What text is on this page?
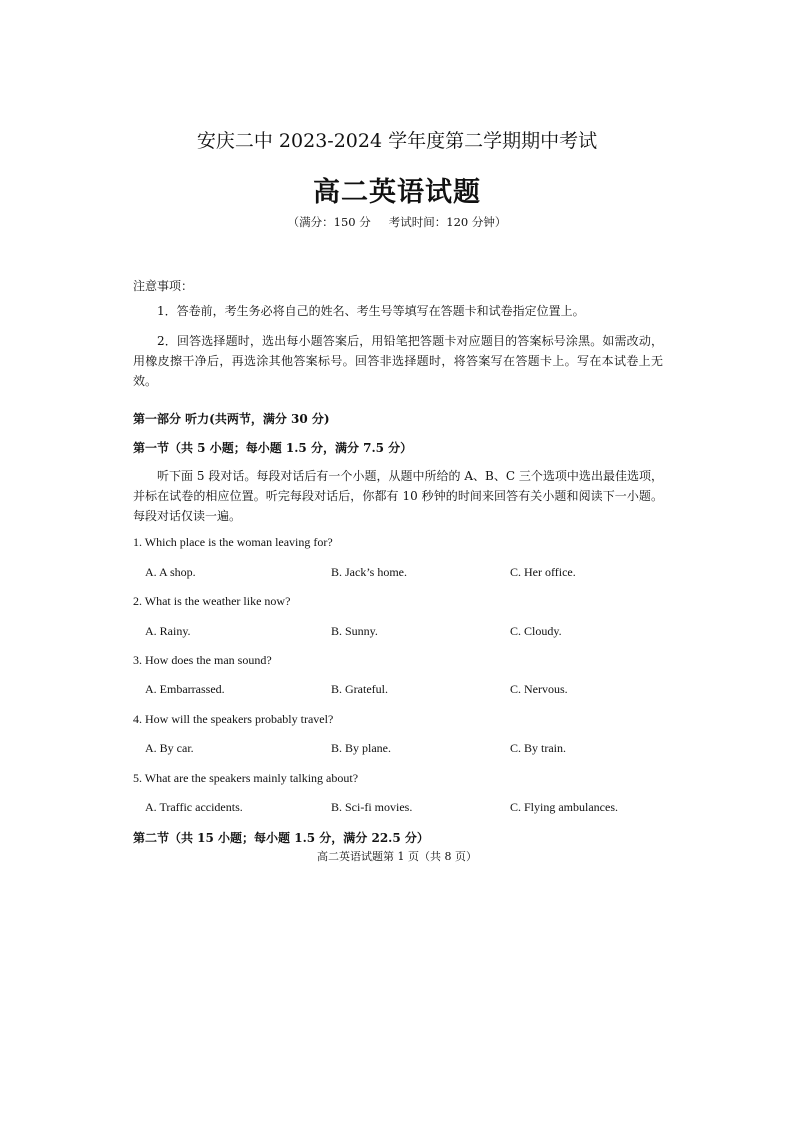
安庆二中 2023-2024 学年度第二学期期中考试
高二英语试题
（满分：150 分 考试时间：120 分钟）
注意事项：
1．答卷前，考生务必将自己的姓名、考生号等填写在答题卡和试卷指定位置上。
2．回答选择题时，选出每小题答案后，用铅笔把答题卡对应题目的答案标号涂黑。如需改动，用橡皮擦干净后，再选涂其他答案标号。回答非选择题时，将答案写在答题卡上。写在本试卷上无效。
第一部分 听力(共两节，满分 30 分)
第一节（共 5 小题；每小题 1.5 分，满分 7.5 分）
听下面 5 段对话。每段对话后有一个小题，从题中所给的 A、B、C 三个选项中选出最佳选项，并标在试卷的相应位置。听完每段对话后，你都有 10 秒钟的时间来回答有关小题和阅读下一小题。每段对话仅读一遍。
1. Which place is the woman leaving for?
A. A shop.	B. Jack’s home.	C. Her office.
2. What is the weather like now?
A. Rainy.	B. Sunny.	C. Cloudy.
3. How does the man sound?
A. Embarrassed.	B. Grateful.	C. Nervous.
4. How will the speakers probably travel?
A. By car.	B. By plane.	C. By train.
5. What are the speakers mainly talking about?
A. Traffic accidents.	B. Sci-fi movies.	C. Flying ambulances.
第二节（共 15 小题；每小题 1.5 分，满分 22.5 分）
高二英语试题第 1 页（共 8 页）
